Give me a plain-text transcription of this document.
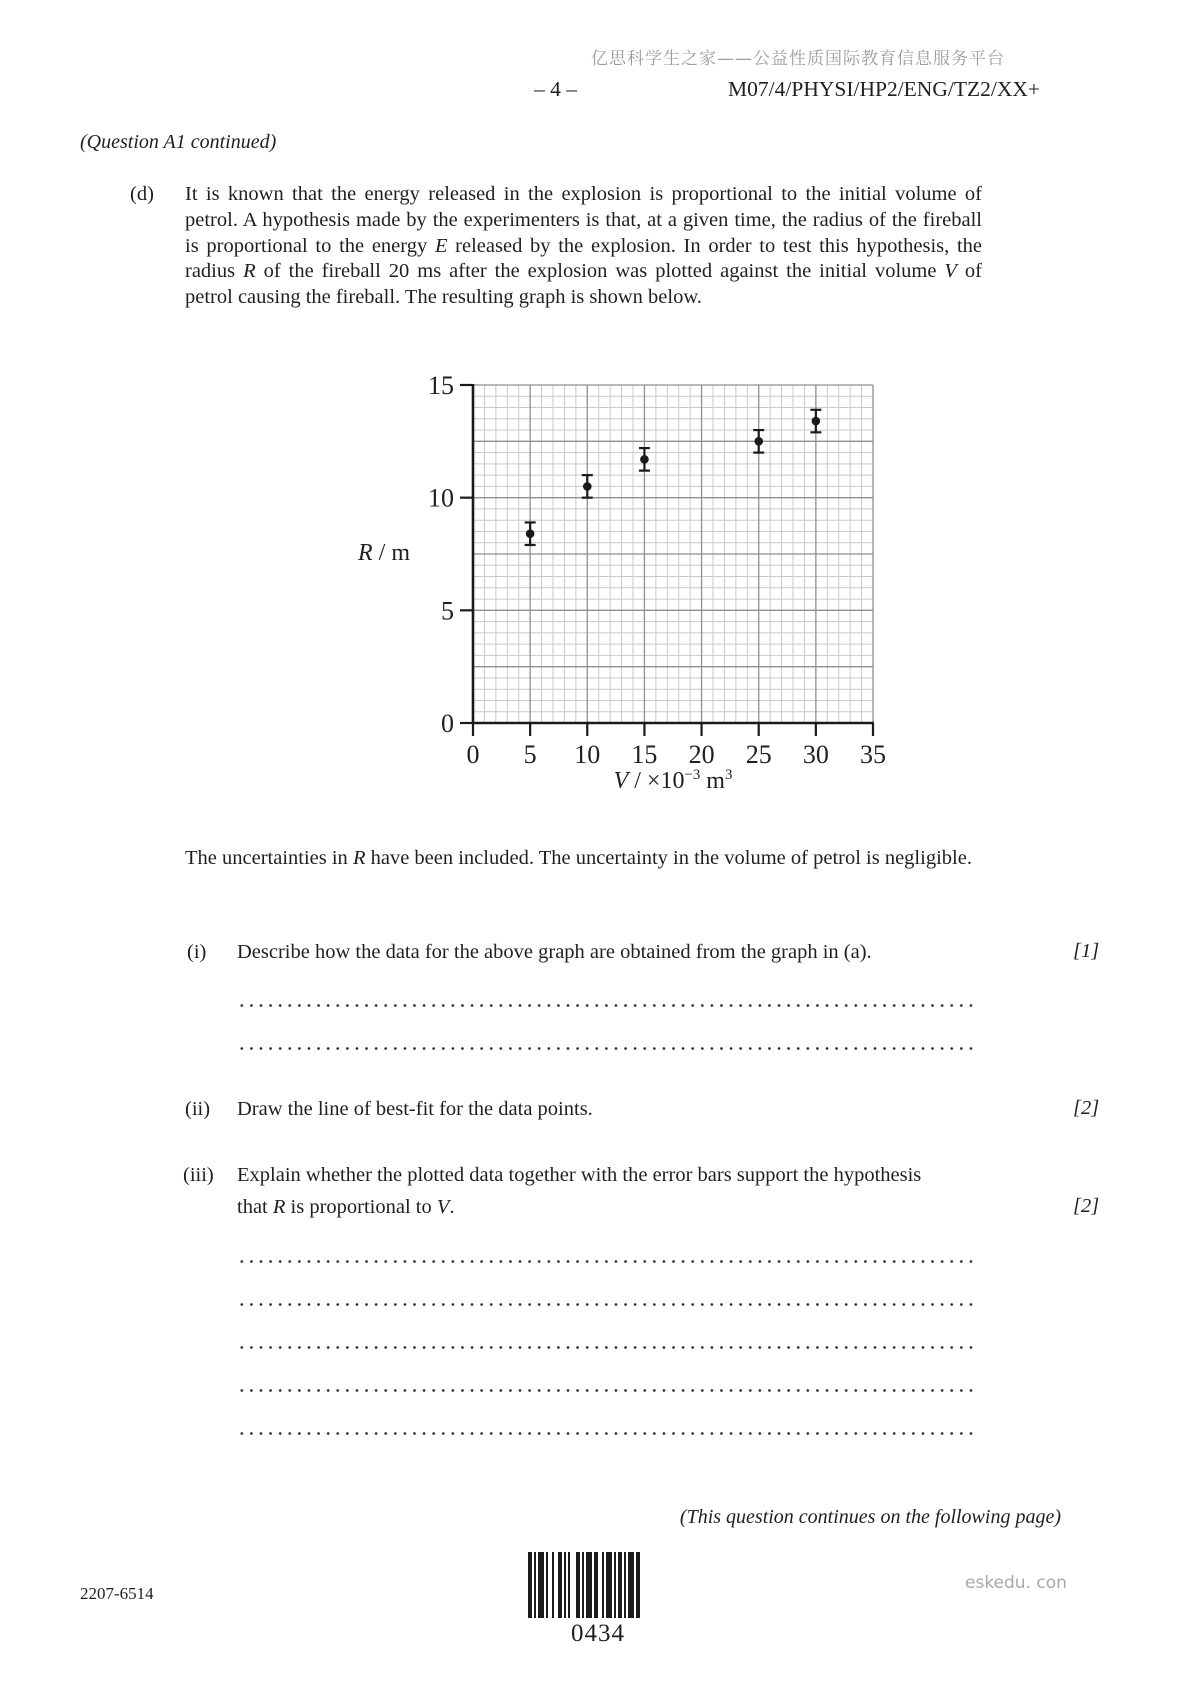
亿思科学生之家——公益性质国际教育信息服务平台
– 4 –	M07/4/PHYSI/HP2/ENG/TZ2/XX+
(Question A1 continued)
(d) It is known that the energy released in the explosion is proportional to the initial volume of petrol. A hypothesis made by the experimenters is that, at a given time, the radius of the fireball is proportional to the energy E released by the explosion. In order to test this hypothesis, the radius R of the fireball 20 ms after the explosion was plotted against the initial volume V of petrol causing the fireball. The resulting graph is shown below.
0 5 10 15 20 25 30 35
0
5
10
15
R / m
$V / \times 10^{-3}$ $m^3$
The uncertainties in R have been included. The uncertainty in the volume of petrol is negligible.
(i) Describe how the data for the above graph are obtained from the graph in (a).	[1]
(ii) Draw the line of best-fit for the data points.	[2]
(iii) Explain whether the plotted data together with the error bars support the hypothesis
that R is proportional to V.	[2]
(This question continues on the following page)
2207-6514
0434
eskedu. con
